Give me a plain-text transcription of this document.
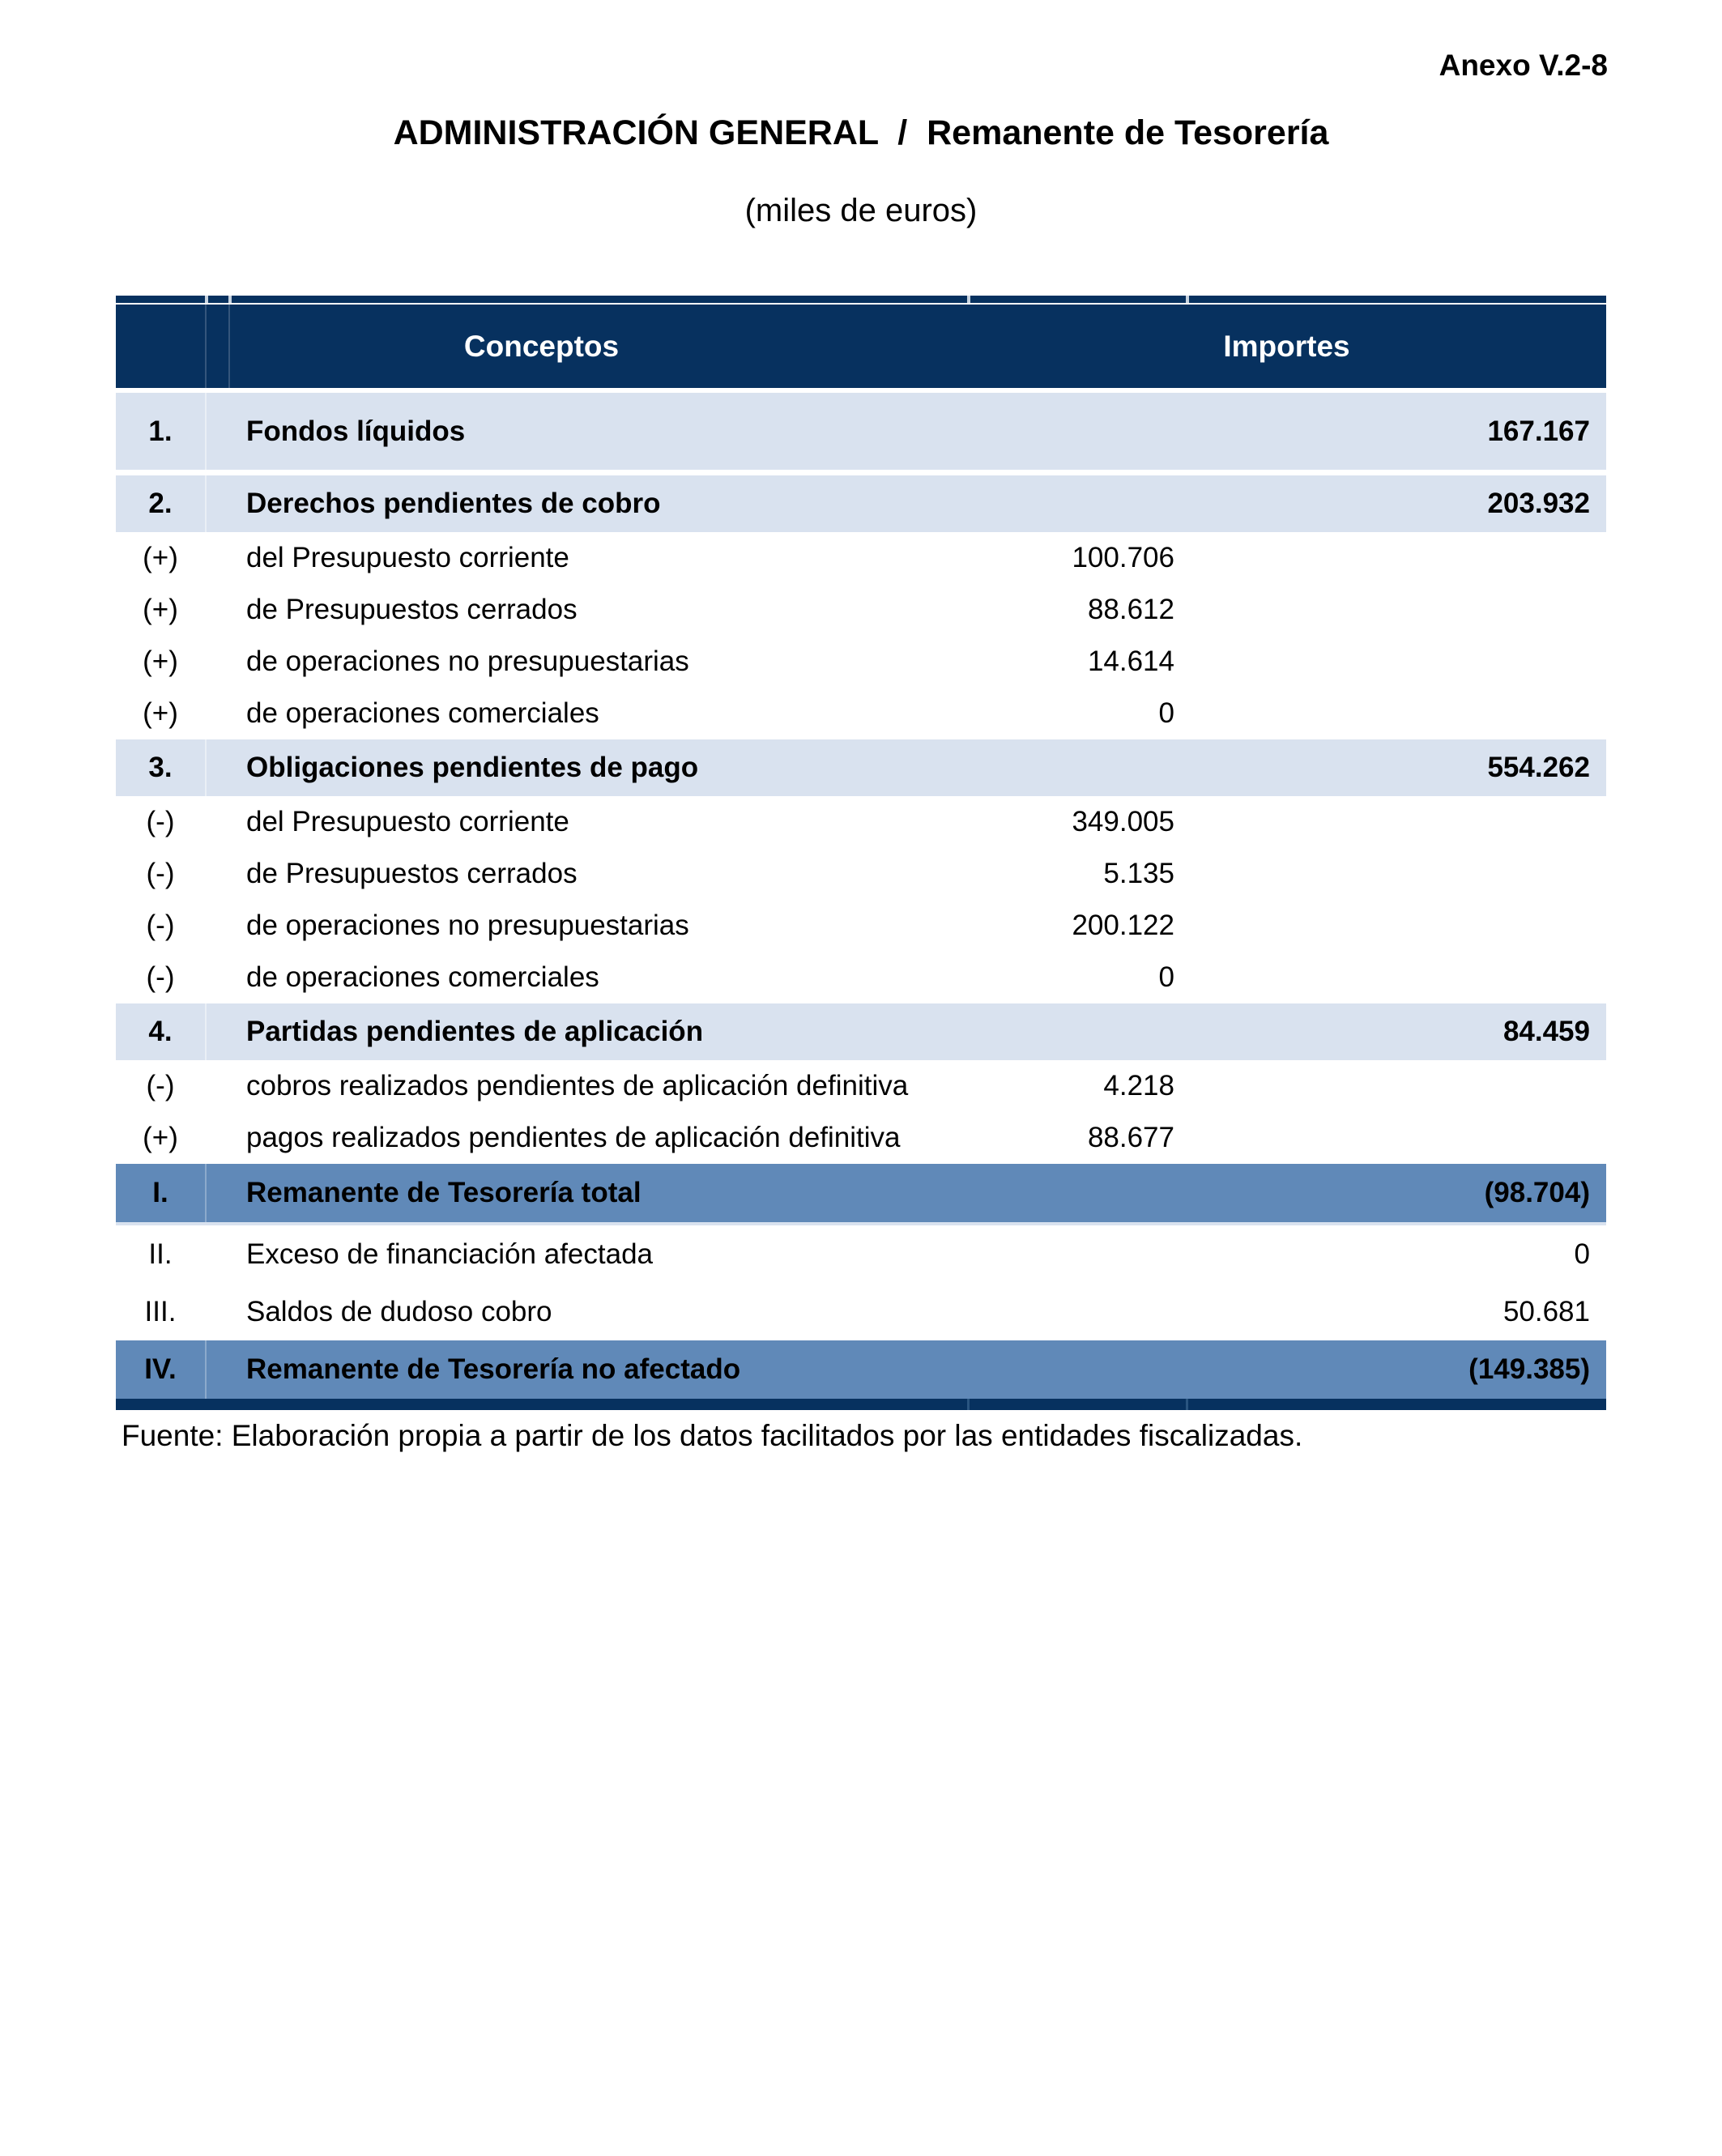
Anexo V.2-8
ADMINISTRACIÓN GENERAL  /  Remanente de Tesorería
(miles de euros)
Conceptos	Importes
1.	Fondos líquidos	167.167
2.	Derechos pendientes de cobro	203.932
(+)	del Presupuesto corriente	100.706
(+)	de Presupuestos cerrados	88.612
(+)	de operaciones no presupuestarias	14.614
(+)	de operaciones comerciales	0
3.	Obligaciones pendientes de pago	554.262
(-)	del Presupuesto corriente	349.005
(-)	de Presupuestos cerrados	5.135
(-)	de operaciones no presupuestarias	200.122
(-)	de operaciones comerciales	0
4.	Partidas pendientes de aplicación	84.459
(-)	cobros realizados pendientes de aplicación definitiva	4.218
(+)	pagos realizados pendientes de aplicación definitiva	88.677
I.	Remanente de Tesorería total	(98.704)
II.	Exceso de financiación afectada	0
III.	Saldos de dudoso cobro	50.681
IV.	Remanente de Tesorería no afectado	(149.385)
Fuente: Elaboración propia a partir de los datos facilitados por las entidades fiscalizadas.
